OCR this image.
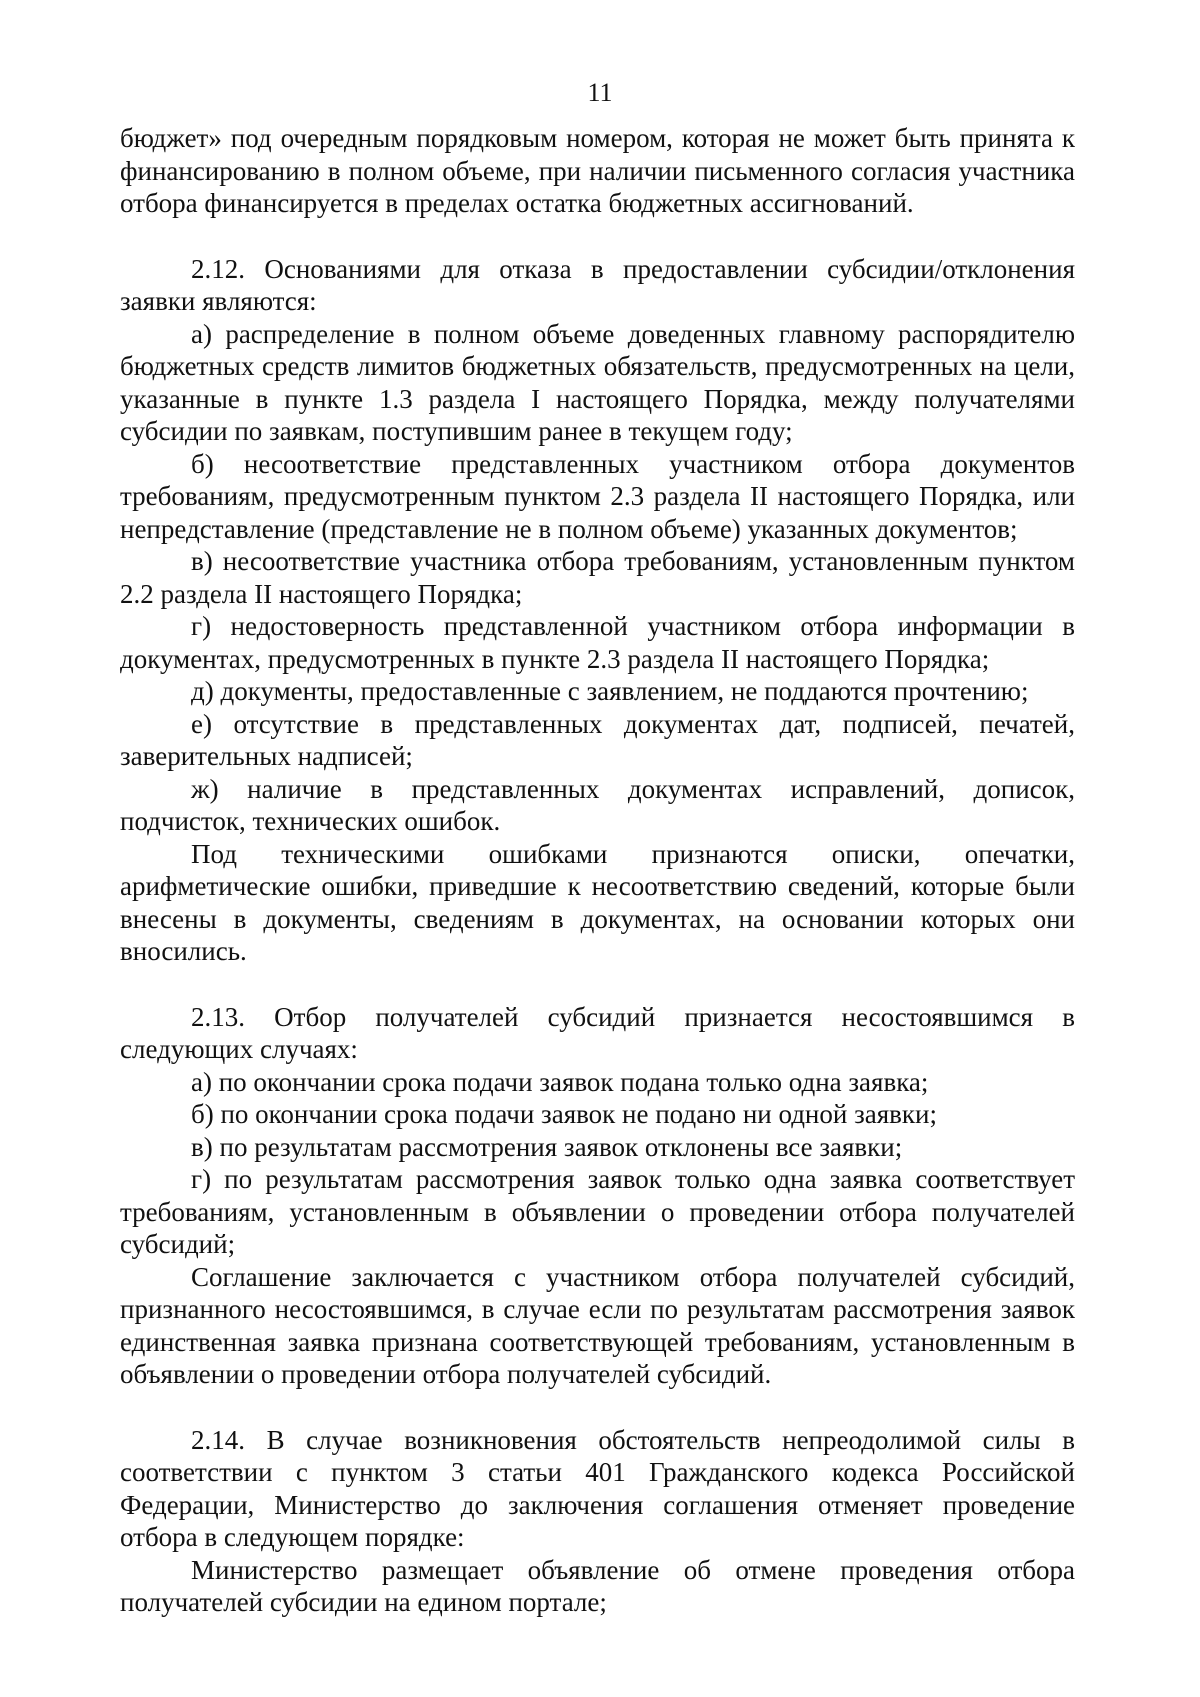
11

бюджет» под очередным порядковым номером, которая не может быть принята к финансированию в полном объеме, при наличии письменного согласия участника отбора финансируется в пределах остатка бюджетных ассигнований.

2.12. Основаниями для отказа в предоставлении субсидии/отклонения заявки являются:

а) распределение в полном объеме доведенных главному распорядителю бюджетных средств лимитов бюджетных обязательств, предусмотренных на цели, указанные в пункте 1.3 раздела I настоящего Порядка, между получателями субсидии по заявкам, поступившим ранее в текущем году;

б) несоответствие представленных участником отбора документов требованиям, предусмотренным пунктом 2.3 раздела II настоящего Порядка, или непредставление (представление не в полном объеме) указанных документов;

в) несоответствие участника отбора требованиям, установленным пунктом 2.2 раздела II настоящего Порядка;

г) недостоверность представленной участником отбора информации в документах, предусмотренных в пункте 2.3 раздела II настоящего Порядка;

д) документы, предоставленные с заявлением, не поддаются прочтению;

е) отсутствие в представленных документах дат, подписей, печатей, заверительных надписей;

ж) наличие в представленных документах исправлений, дописок, подчисток, технических ошибок.

Под техническими ошибками признаются описки, опечатки, арифметические ошибки, приведшие к несоответствию сведений, которые были внесены в документы, сведениям в документах, на основании которых они вносились.

2.13. Отбор получателей субсидий признается несостоявшимся в следующих случаях:

а) по окончании срока подачи заявок подана только одна заявка;

б) по окончании срока подачи заявок не подано ни одной заявки;

в) по результатам рассмотрения заявок отклонены все заявки;

г) по результатам рассмотрения заявок только одна заявка соответствует требованиям, установленным в объявлении о проведении отбора получателей субсидий;

Соглашение заключается с участником отбора получателей субсидий, признанного несостоявшимся, в случае если по результатам рассмотрения заявок единственная заявка признана соответствующей требованиям, установленным в объявлении о проведении отбора получателей субсидий.

2.14. В случае возникновения обстоятельств непреодолимой силы в соответствии с пунктом 3 статьи 401 Гражданского кодекса Российской Федерации, Министерство до заключения соглашения отменяет проведение отбора в следующем порядке:

Министерство размещает объявление об отмене проведения отбора получателей субсидии на едином портале;
